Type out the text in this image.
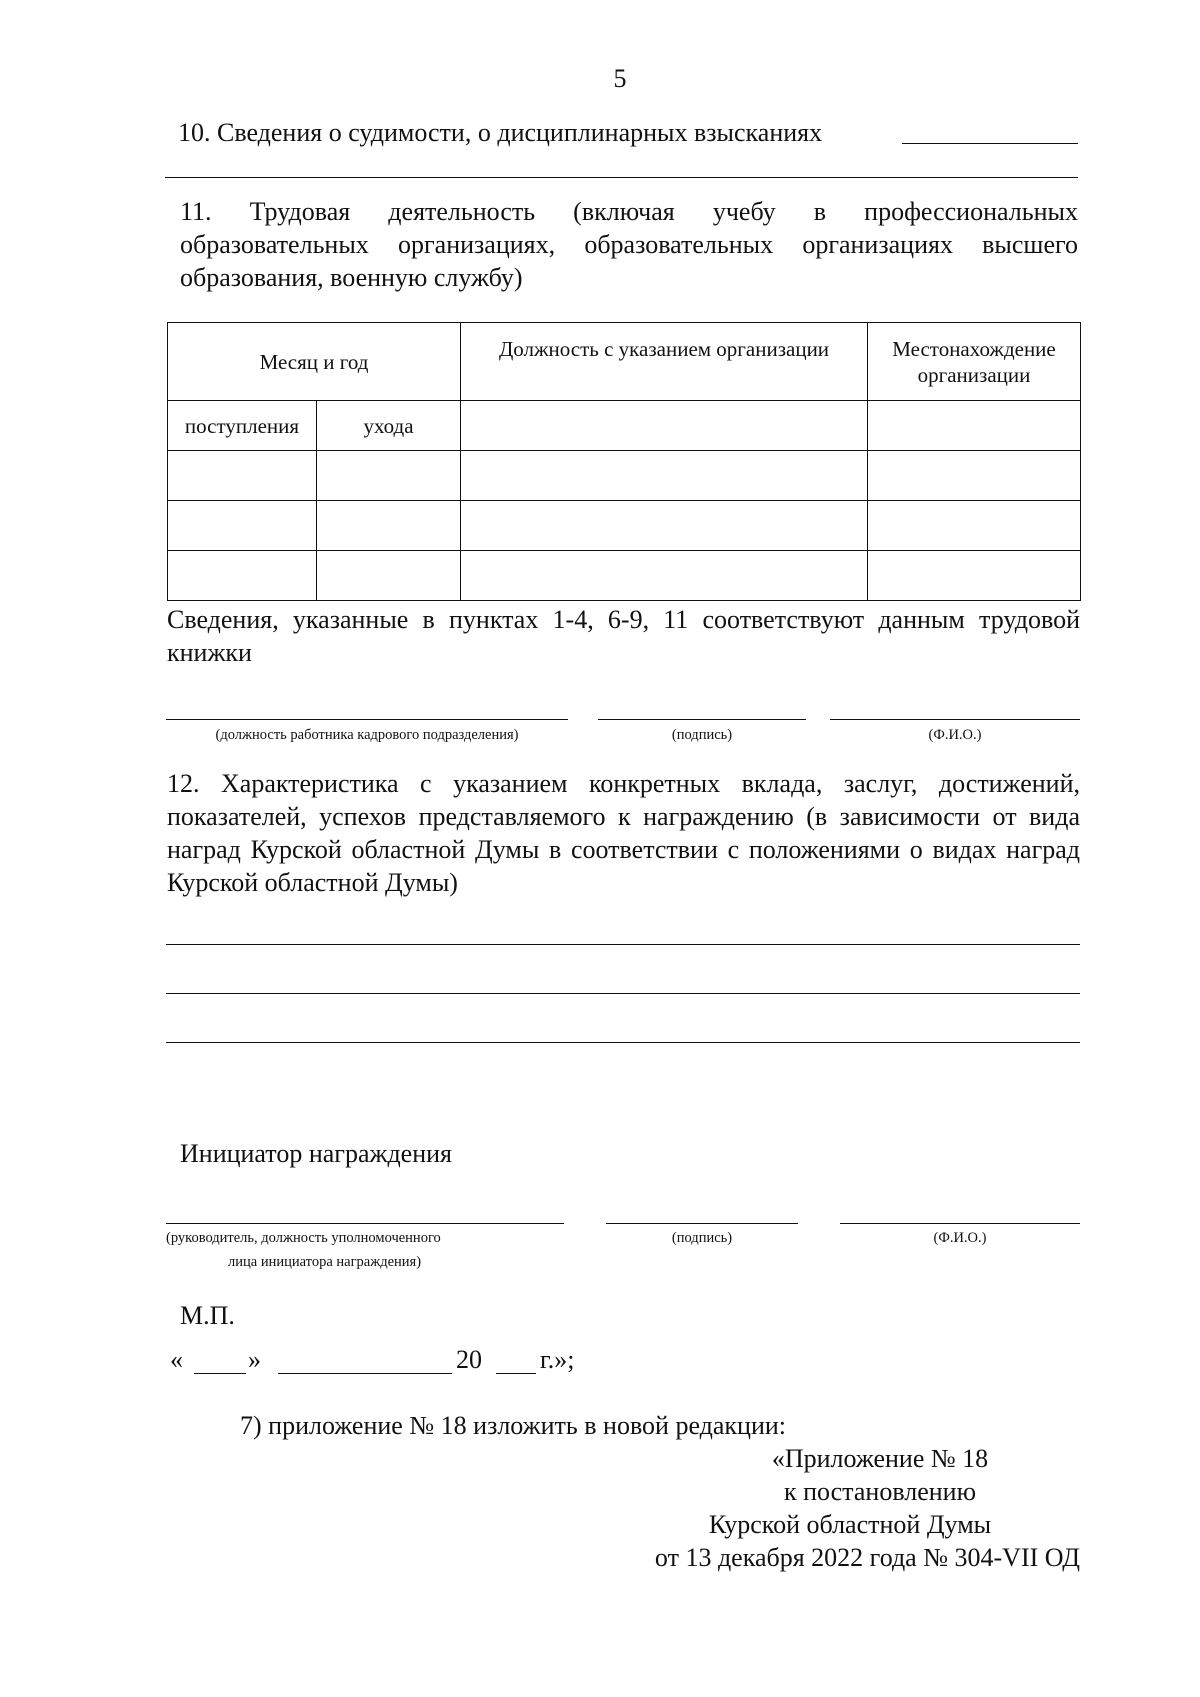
5
10. Сведения о судимости, о дисциплинарных взысканиях
11. Трудовая деятельность (включая учебу в профессиональных
образовательных организациях, образовательных организациях высшего
образования, военную службу)
Месяц и год		Должность с указанием организации	Местонахождение организации
поступления	ухода		

Сведения, указанные в пунктах 1-4, 6-9, 11 соответствуют данным трудовой книжки
(должность работника кадрового подразделения)	(подпись)	(Ф.И.О.)
12. Характеристика с указанием конкретных вклада, заслуг, достижений, показателей, успехов представляемого к награждению (в зависимости от вида наград Курской областной Думы в соответствии с положениями о видах наград Курской областной Думы)
Инициатор награждения
(руководитель, должность уполномоченного
лица инициатора награждения)
(подпись)	(Ф.И.О.)
М.П.
«	»	20 г.»;
7) приложение № 18 изложить в новой редакции:
«Приложение № 18
к постановлению
Курской областной Думы
от 13 декабря 2022 года № 304-VII ОД
